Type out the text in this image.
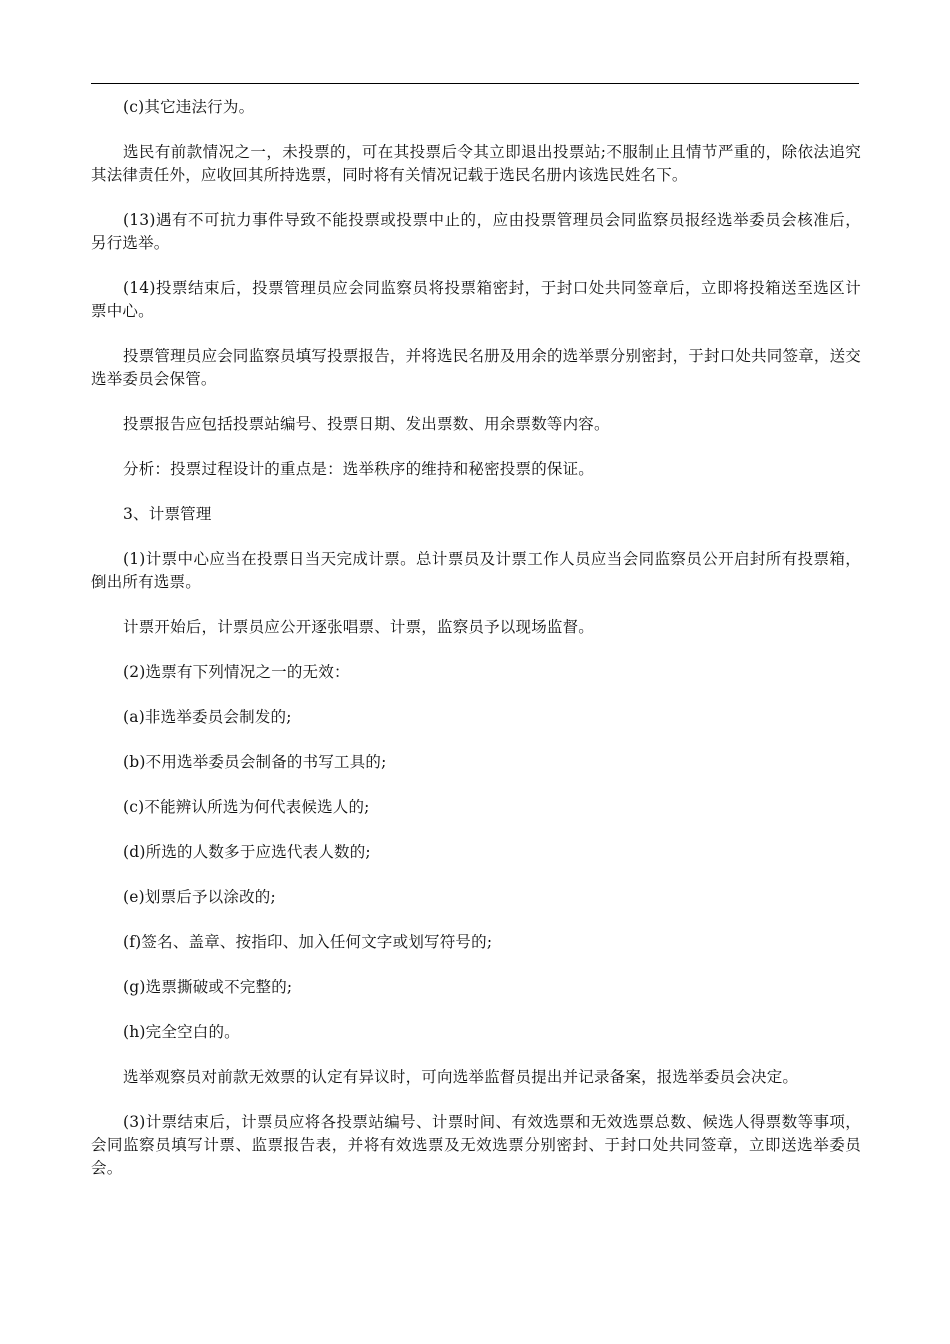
(c)其它违法行为。

选民有前款情况之一，未投票的，可在其投票后令其立即退出投票站;不服制止且情节严重的，除依法追究其法律责任外，应收回其所持选票，同时将有关情况记载于选民名册内该选民姓名下。

(13)遇有不可抗力事件导致不能投票或投票中止的，应由投票管理员会同监察员报经选举委员会核准后，另行选举。

(14)投票结束后，投票管理员应会同监察员将投票箱密封，于封口处共同签章后，立即将投箱送至选区计票中心。

投票管理员应会同监察员填写投票报告，并将选民名册及用余的选举票分别密封，于封口处共同签章，送交选举委员会保管。

投票报告应包括投票站编号、投票日期、发出票数、用余票数等内容。

分析：投票过程设计的重点是：选举秩序的维持和秘密投票的保证。

3、计票管理

(1)计票中心应当在投票日当天完成计票。总计票员及计票工作人员应当会同监察员公开启封所有投票箱，倒出所有选票。

计票开始后，计票员应公开逐张唱票、计票，监察员予以现场监督。

(2)选票有下列情况之一的无效：

(a)非选举委员会制发的;

(b)不用选举委员会制备的书写工具的;

(c)不能辨认所选为何代表候选人的;

(d)所选的人数多于应选代表人数的;

(e)划票后予以涂改的;

(f)签名、盖章、按指印、加入任何文字或划写符号的;

(g)选票撕破或不完整的;

(h)完全空白的。

选举观察员对前款无效票的认定有异议时，可向选举监督员提出并记录备案，报选举委员会决定。

(3)计票结束后，计票员应将各投票站编号、计票时间、有效选票和无效选票总数、候选人得票数等事项，会同监察员填写计票、监票报告表，并将有效选票及无效选票分别密封、于封口处共同签章，立即送选举委员会。
